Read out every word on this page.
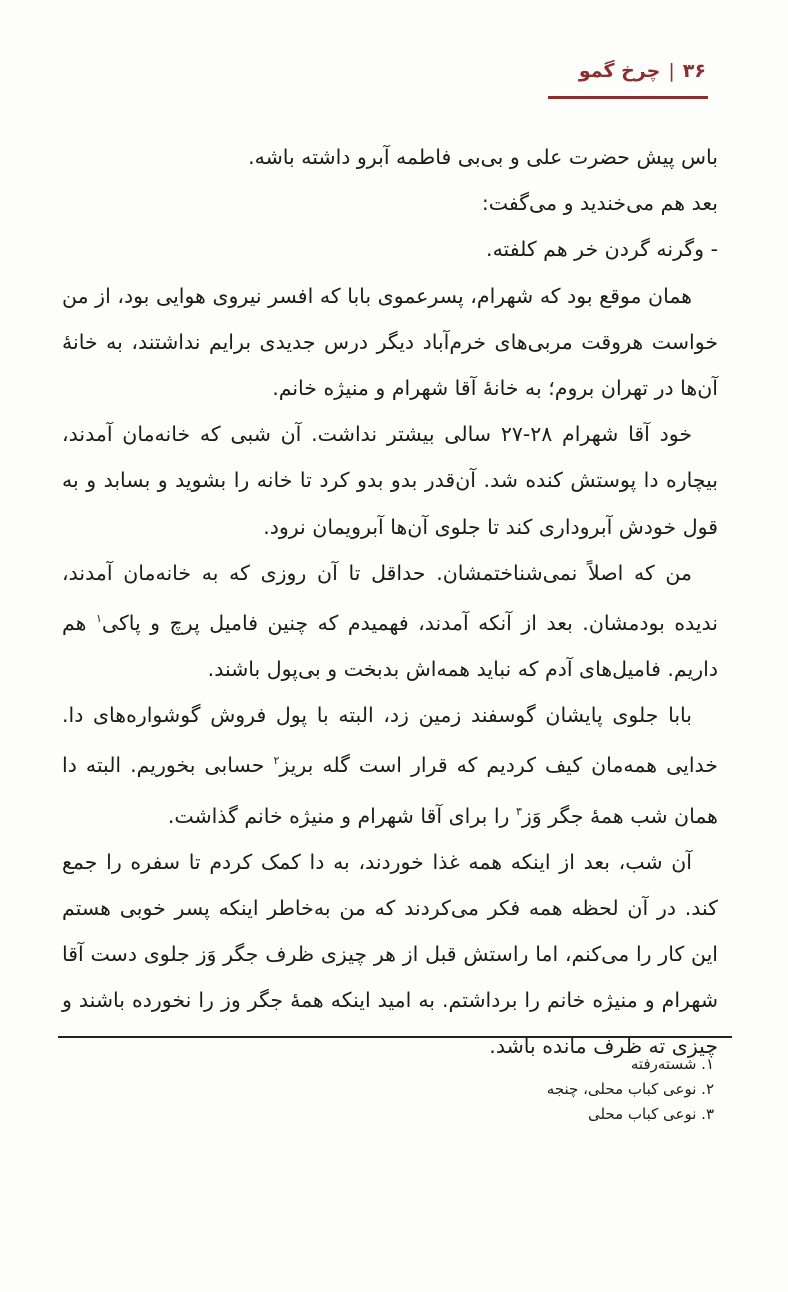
۳۶|چرخ گمو

باس پیش حضرت علی و بی‌بی فاطمه آبرو داشته باشه.

بعد هم می‌خندید و می‌گفت:

- وگرنه گردن خر هم کلفته.

همان موقع بود که شهرام، پسرعموی بابا که افسر نیروی هوایی بود، از من خواست هروقت مربی‌های خرم‌آباد دیگر درس جدیدی برایم نداشتند، به خانهٔ آن‌ها در تهران بروم؛ به خانهٔ آقا شهرام و منیژه خانم.

خود آقا شهرام ۲۸-۲۷ سالی بیشتر نداشت. آن شبی که خانه‌مان آمدند، بیچاره دا پوستش کنده شد. آن‌قدر بدو بدو کرد تا خانه را بشوید و بسابد و به قول خودش آبروداری کند تا جلوی آن‌ها آبرویمان نرود.

من که اصلاً نمی‌شناختمشان. حداقل تا آن روزی که به خانه‌مان آمدند، ندیده بودمشان. بعد از آنکه آمدند، فهمیدم که چنین فامیل پرچ و پاکی$^۱$ هم داریم. فامیل‌های آدم که نباید همه‌اش بدبخت و بی‌پول باشند.

بابا جلوی پایشان گوسفند زمین زد، البته با پول فروش گوشواره‌های دا. خدایی همه‌مان کیف کردیم که قرار است گله بریز$^۲$ حسابی بخوریم. البته دا همان شب همهٔ جگر وَز$^۳$ را برای آقا شهرام و منیژه خانم گذاشت.

آن شب، بعد از اینکه همه غذا خوردند، به دا کمک کردم تا سفره را جمع کند. در آن لحظه همه فکر می‌کردند که من به‌خاطر اینکه پسر خوبی هستم این کار را می‌کنم، اما راستش قبل از هر چیزی ظرف جگر وَز جلوی دست آقا شهرام و منیژه خانم را برداشتم. به امید اینکه همهٔ جگر وز را نخورده باشند و چیزی ته ظرف مانده باشد.

۱. شسته‌رفته
۲. نوعی کباب محلی، چنجه
۳. نوعی کباب محلی
